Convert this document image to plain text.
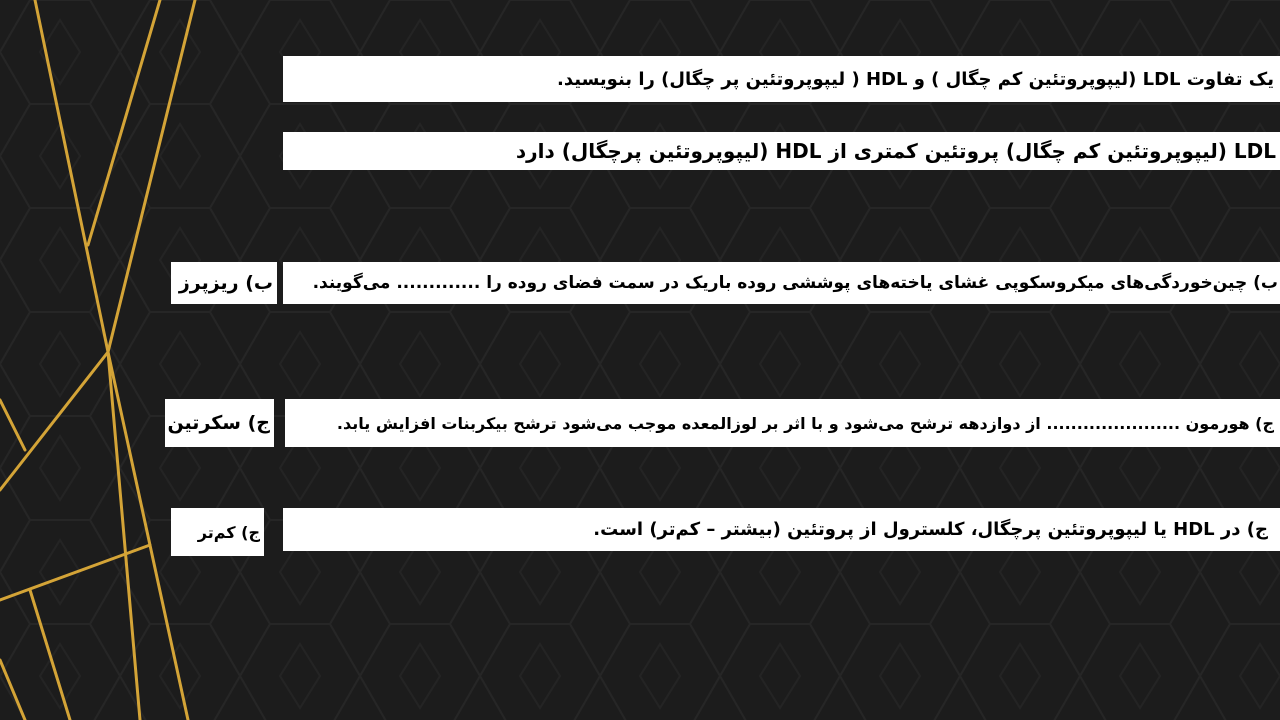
یک تفاوت LDL (لیپوپروتئین کم چگال ) و HDL ( لیپوپروتئین پر چگال) را بنویسید.
LDL (لیپوپروتئین کم چگال) پروتئین کمتری از HDL (لیپوپروتئین پرچگال) دارد
ب) چین‌خوردگی‌های میکروسکوپی غشای یاخته‌های پوششی روده باریک در سمت فضای روده را ............. می‌گویند.
ب) ریزپرز
ج) هورمون ...................... از دوازدهه ترشح می‌شود و با اثر بر لوزالمعده موجب می‌شود ترشح بیکربنات افزایش یابد.
ج) سکرتین
ج) در HDL یا لیپوپروتئین پرچگال، کلسترول از پروتئین (بیشتر – کم‌تر) است.
ج) کم‌تر
